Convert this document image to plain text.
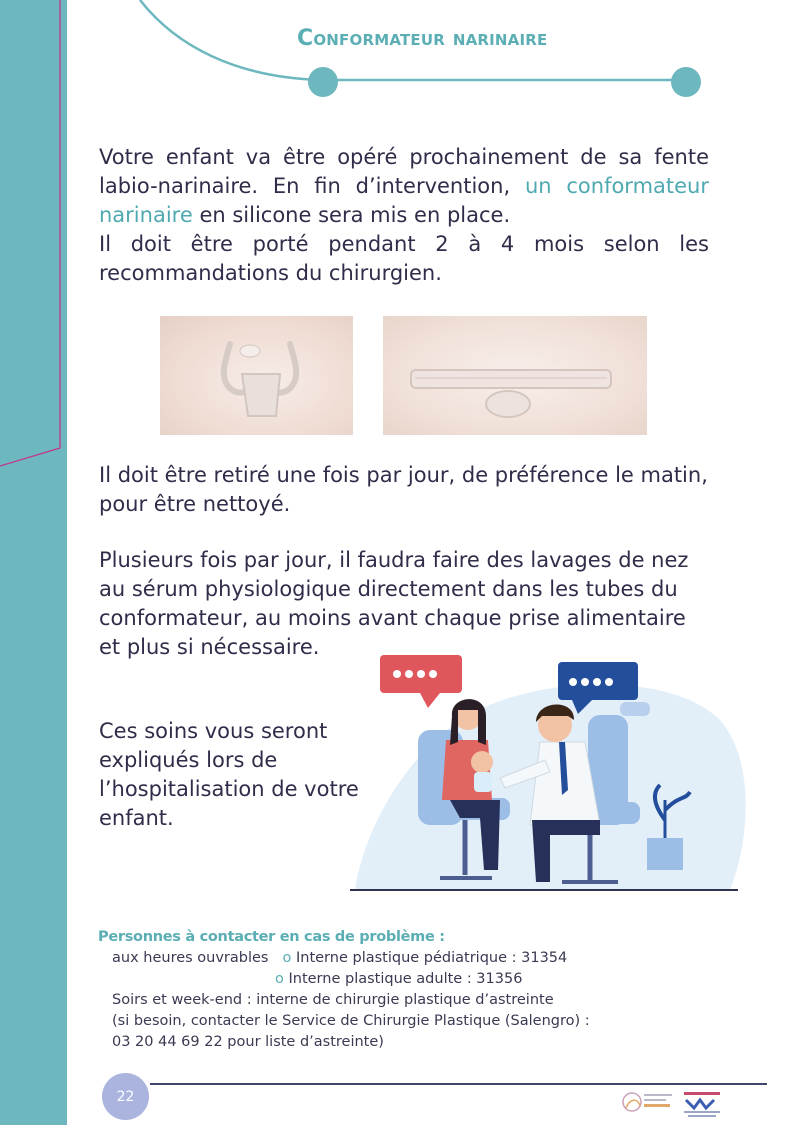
Conformateur narinaire

Votre enfant va être opéré prochainement de sa fente labio-narinaire. En fin d’intervention, un conformateur narinaire en silicone sera mis en place.
Il doit être porté pendant 2 à 4 mois selon les recommandations du chirurgien.

Il doit être retiré une fois par jour, de préférence le matin, pour être nettoyé.

Plusieurs fois par jour, il faudra faire des lavages de nez au sérum physiologique directement dans les tubes du conformateur, au moins avant chaque prise alimentaire et plus si nécessaire.

Ces soins vous seront expliqués lors de l’hospitalisation de votre enfant.

Personnes à contacter en cas de problème :
aux heures ouvrables o Interne plastique pédiatrique : 31354
o Interne plastique adulte : 31356
Soirs et week-end : interne de chirurgie plastique d’astreinte
(si besoin, contacter le Service de Chirurgie Plastique (Salengro) :
03 20 44 69 22 pour liste d’astreinte)
22
